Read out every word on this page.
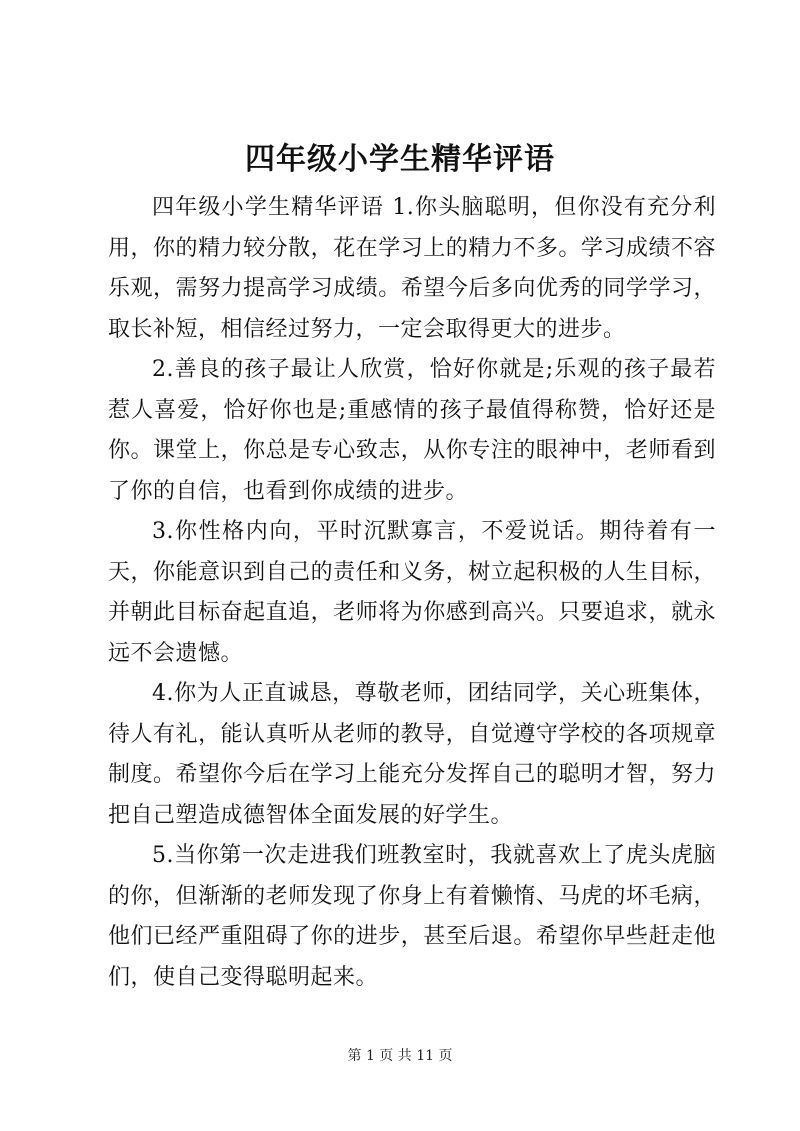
四年级小学生精华评语

四年级小学生精华评语 1.你头脑聪明，但你没有充分利用，你的精力较分散，花在学习上的精力不多。学习成绩不容乐观，需努力提高学习成绩。希望今后多向优秀的同学学习，取长补短，相信经过努力，一定会取得更大的进步。

2.善良的孩子最让人欣赏，恰好你就是;乐观的孩子最若惹人喜爱，恰好你也是;重感情的孩子最值得称赞，恰好还是你。课堂上，你总是专心致志，从你专注的眼神中，老师看到了你的自信，也看到你成绩的进步。

3.你性格内向，平时沉默寡言，不爱说话。期待着有一天，你能意识到自己的责任和义务，树立起积极的人生目标，并朝此目标奋起直追，老师将为你感到高兴。只要追求，就永远不会遗憾。

4.你为人正直诚恳，尊敬老师，团结同学，关心班集体，待人有礼，能认真听从老师的教导，自觉遵守学校的各项规章制度。希望你今后在学习上能充分发挥自己的聪明才智，努力把自己塑造成德智体全面发展的好学生。

5.当你第一次走进我们班教室时，我就喜欢上了虎头虎脑的你，但渐渐的老师发现了你身上有着懒惰、马虎的坏毛病，他们已经严重阻碍了你的进步，甚至后退。希望你早些赶走他们，使自己变得聪明起来。

第 1 页 共 11 页
